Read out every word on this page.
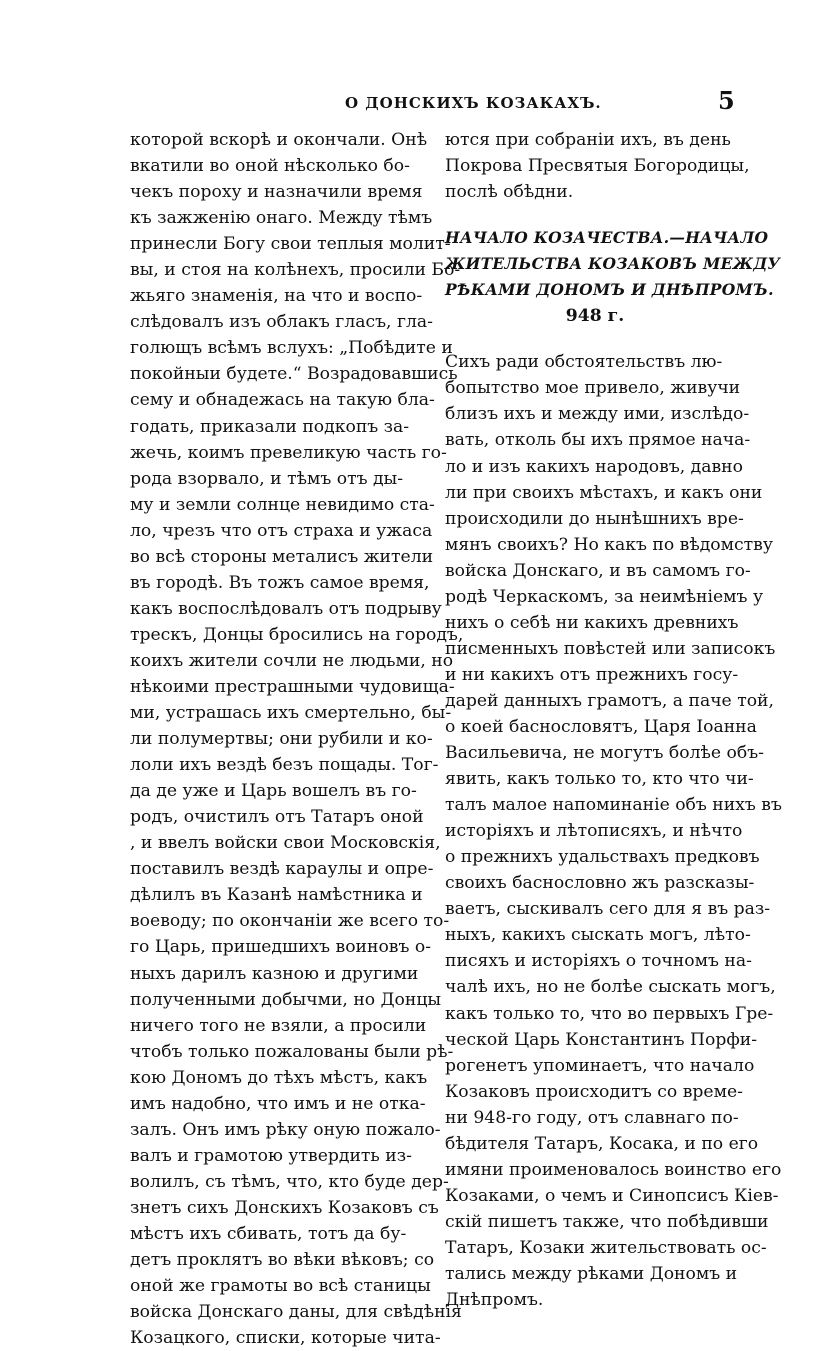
О ДОНСКИХЪ КОЗАКАХЪ.	5
которой вскорѣ и окончали. Онѣ
вкатили во оной нѣсколько бо-
чекъ пороху и назначили время
къ зажженію онаго. Между тѣмъ
принесли Богу свои теплыя молит-
вы, и стоя на колѣнехъ, просили Бо-
жьяго знаменія, на что и воспо-
слѣдовалъ изъ облакъ гласъ, гла-
голющъ всѣмъ вслухъ: „Побѣдите и
покойныи будете.“ Возрадовавшись
сему и обнадежась на такую бла-
годать, приказали подкопъ за-
жечь, коимъ превеликую часть го-
рода взорвало, и тѣмъ отъ ды-
му и земли солнце невидимо ста-
ло, чрезъ что отъ страха и ужаса
во всѣ стороны металисъ жители
въ городѣ. Въ тожъ самое время,
какъ воспослѣдовалъ отъ подрыву
трескъ, Донцы бросились на городъ,
коихъ жители сочли не людьми, но
нѣкоими престрашными чудовища-
ми, устрашась ихъ смертельно, бы-
ли полумертвы; они рубили и ко-
лоли ихъ вездѣ безъ пощады. Тог-
да де уже и Царь вошелъ въ го-
родъ, очистилъ отъ Татаръ оной
, и ввелъ войски свои Московскія,
поставилъ вездѣ караулы и опре-
дѣлилъ въ Казанѣ намѣстника и
воеводу; по окончаніи же всего то-
го Царь, пришедшихъ воиновъ о-
ныхъ дарилъ казною и другими
полученными добычми, но Донцы
ничего того не взяли, а просили
чтобъ только пожалованы были рѣ-
кою Дономъ до тѣхъ мѣстъ, какъ
имъ надобно, что имъ и не отка-
залъ. Онъ имъ рѣку оную пожало-
валъ и грамотою утвердить из-
волилъ, съ тѣмъ, что, кто буде дер-
знетъ сихъ Донскихъ Козаковъ съ
мѣстъ ихъ сбивать, тотъ да бу-
детъ проклятъ во вѣки вѣковъ; со
оной же грамоты во всѣ станицы
войска Донскаго даны, для свѣдѣнія
Козацкого, списки, которые чита-
ются при собраніи ихъ, въ день
Покрова Пресвятыя Богородицы,
послѣ обѣдни.
НАЧАЛО КОЗАЧЕСТВА.—НАЧАЛО
ЖИТЕЛЬСТВА КОЗАКОВЪ МЕЖДУ
РѢКАМИ ДОНОМЪ И ДНѢПРОМЪ.
948 г.
Сихъ ради обстоятельствъ лю-
бопытство мое привело, живучи
близъ ихъ и между ими, изслѣдо-
вать, отколь бы ихъ прямое нача-
ло и изъ какихъ народовъ, давно
ли при своихъ мѣстахъ, и какъ они
происходили до нынѣшнихъ вре-
мянъ своихъ? Но какъ по вѣдомству
войска Донскаго, и въ самомъ го-
родѣ Черкаскомъ, за неимѣніемъ у
нихъ о себѣ ни какихъ древнихъ
писменныхъ повѣстей или записокъ
и ни какихъ отъ прежнихъ госу-
дарей данныхъ грамотъ, а паче той,
о коей баснословятъ, Царя Іоанна
Васильевича, не могутъ болѣе объ-
явить, какъ только то, кто что чи-
талъ малое напоминаніе объ нихъ въ
исторіяхъ и лѣтописяхъ, и нѣчто
о прежнихъ удальствахъ предковъ
своихъ баснословно жъ разсказы-
ваетъ, сыскивалъ сего для я въ раз-
ныхъ, какихъ сыскать могъ, лѣто-
писяхъ и исторіяхъ о точномъ на-
чалѣ ихъ, но не болѣе сыскать могъ,
какъ только то, что во первыхъ Гре-
ческой Царь Константинъ Порфи-
рогенетъ упоминаетъ, что начало
Козаковъ происходитъ со време-
ни 948-го году, отъ славнаго по-
бѣдителя Татаръ, Косака, и по его
имяни проименовалось воинство его
Козаками, о чемъ и Синопсисъ Кіев-
скій пишетъ также, что побѣдивши
Татаръ, Козаки жительствовать ос-
тались между рѣками Дономъ и
Днѣпромъ.
